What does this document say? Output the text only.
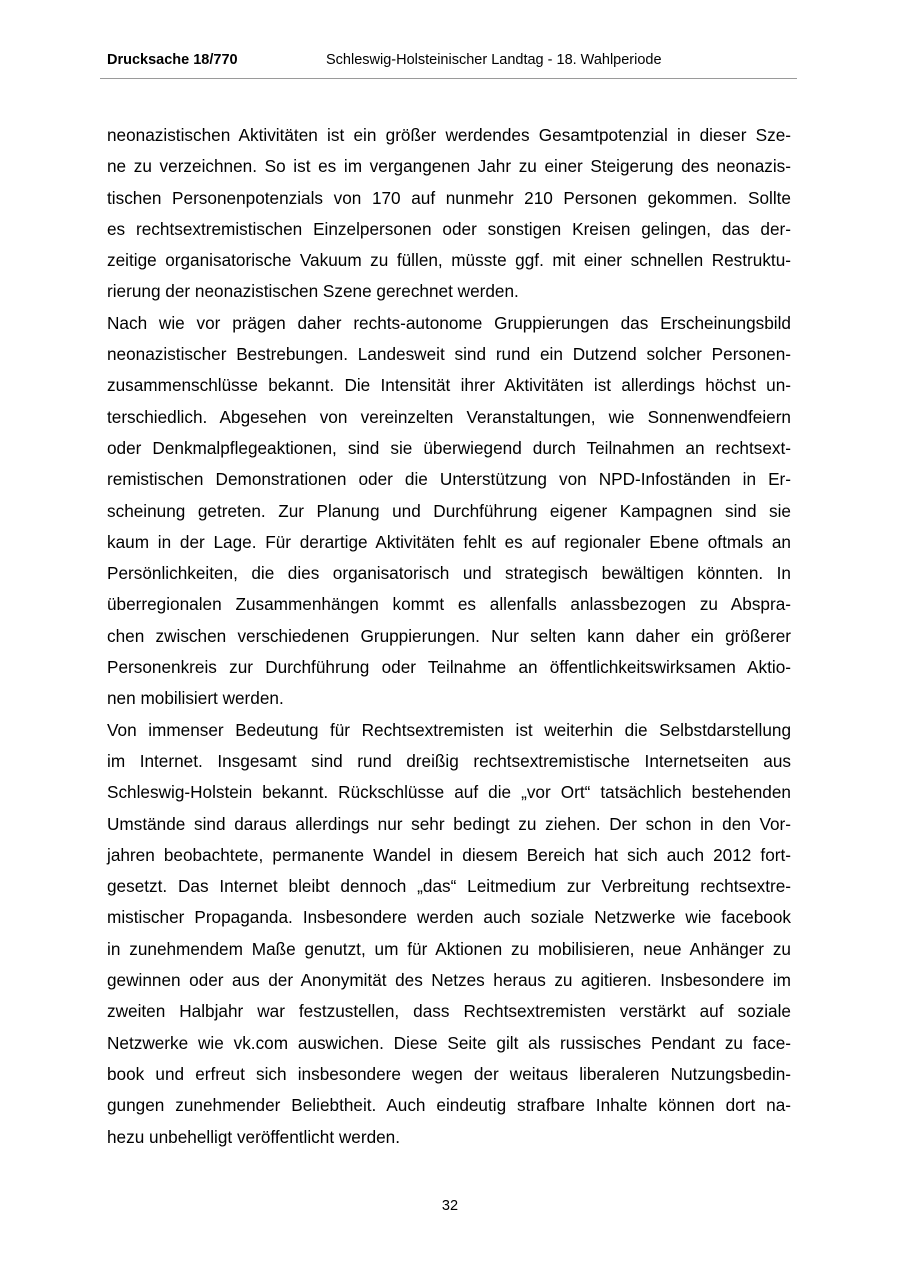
Drucksache 18/770	Schleswig-Holsteinischer Landtag - 18. Wahlperiode
neonazistischen Aktivitäten ist ein größer werdendes Gesamtpotenzial in dieser Sze-
ne zu verzeichnen. So ist es im vergangenen Jahr zu einer Steigerung des neonazis-
tischen Personenpotenzials von 170 auf nunmehr 210 Personen gekommen. Sollte
es rechtsextremistischen Einzelpersonen oder sonstigen Kreisen gelingen, das der-
zeitige organisatorische Vakuum zu füllen, müsste ggf. mit einer schnellen Restruktu-
rierung der neonazistischen Szene gerechnet werden.
Nach wie vor prägen daher rechts-autonome Gruppierungen das Erscheinungsbild
neonazistischer Bestrebungen. Landesweit sind rund ein Dutzend solcher Personen-
zusammenschlüsse bekannt. Die Intensität ihrer Aktivitäten ist allerdings höchst un-
terschiedlich. Abgesehen von vereinzelten Veranstaltungen, wie Sonnenwendfeiern
oder Denkmalpflegeaktionen, sind sie überwiegend durch Teilnahmen an rechtsext-
remistischen Demonstrationen oder die Unterstützung von NPD-Infoständen in Er-
scheinung getreten. Zur Planung und Durchführung eigener Kampagnen sind sie
kaum in der Lage. Für derartige Aktivitäten fehlt es auf regionaler Ebene oftmals an
Persönlichkeiten, die dies organisatorisch und strategisch bewältigen könnten. In
überregionalen Zusammenhängen kommt es allenfalls anlassbezogen zu Abspra-
chen zwischen verschiedenen Gruppierungen. Nur selten kann daher ein größerer
Personenkreis zur Durchführung oder Teilnahme an öffentlichkeitswirksamen Aktio-
nen mobilisiert werden.
Von immenser Bedeutung für Rechtsextremisten ist weiterhin die Selbstdarstellung
im Internet. Insgesamt sind rund dreißig rechtsextremistische Internetseiten aus
Schleswig-Holstein bekannt. Rückschlüsse auf die „vor Ort“ tatsächlich bestehenden
Umstände sind daraus allerdings nur sehr bedingt zu ziehen. Der schon in den Vor-
jahren beobachtete, permanente Wandel in diesem Bereich hat sich auch 2012 fort-
gesetzt. Das Internet bleibt dennoch „das“ Leitmedium zur Verbreitung rechtsextre-
mistischer Propaganda. Insbesondere werden auch soziale Netzwerke wie facebook
in zunehmendem Maße genutzt, um für Aktionen zu mobilisieren, neue Anhänger zu
gewinnen oder aus der Anonymität des Netzes heraus zu agitieren. Insbesondere im
zweiten Halbjahr war festzustellen, dass Rechtsextremisten verstärkt auf soziale
Netzwerke wie vk.com auswichen. Diese Seite gilt als russisches Pendant zu face-
book und erfreut sich insbesondere wegen der weitaus liberaleren Nutzungsbedin-
gungen zunehmender Beliebtheit. Auch eindeutig strafbare Inhalte können dort na-
hezu unbehelligt veröffentlicht werden.
32
